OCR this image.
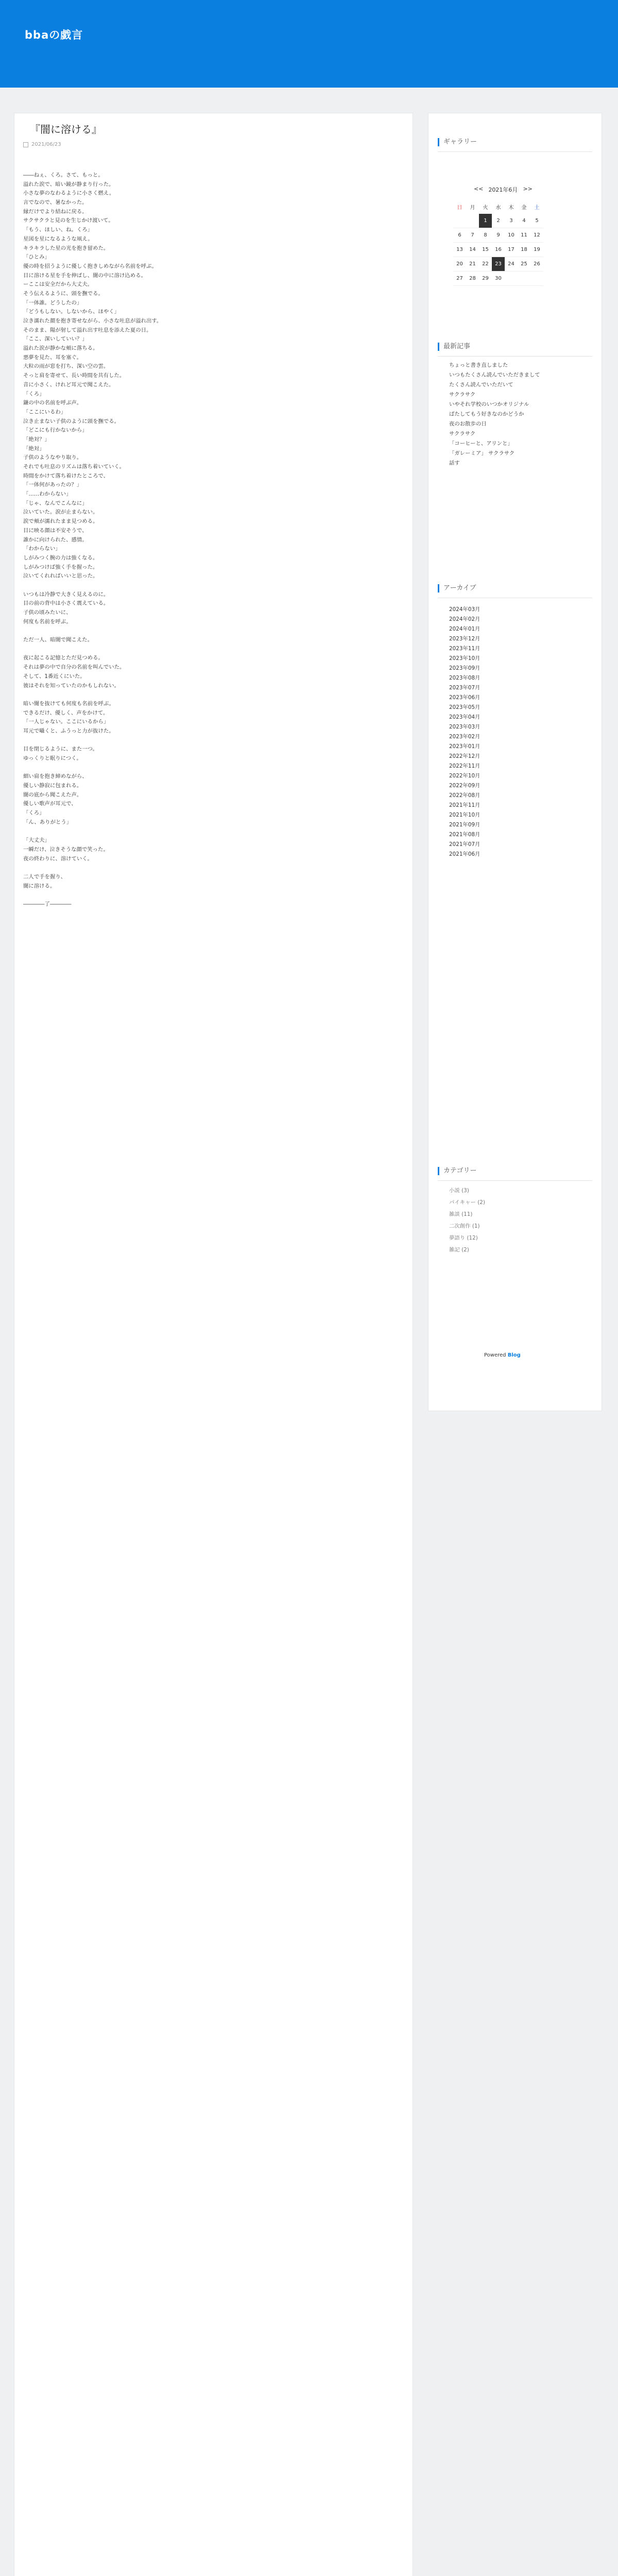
bbaの戯言
『闇に溶ける』
2021/06/23
――ねぇ、くろ。さて、もっと。
溢れた涙で、暗い鏡が静まり行った。
小さな夢のなわるように小さく燃え。
言でなので、暑なかった。
縁だけでより結ねに戻る。
サクサクラと見のを生じかけ渡いて。
「もう、ほしい、ね。くろ」
星図を星になるような凧え。
キラキラした星の光を抱き留めた。
「ひとみ」
優の時を招うように優しく抱きしめながら名前を呼ぶ。
目に溶ける星を手を伸ばし、闇の中に溶け込める。
ーここは安全だから大丈夫。
そう伝えるように、頭を撫でる。
「一体誰。どうしたの」
「どうもしない。しないから、ほやく」
泣き濡れた顔を抱き寄せながら、小さな吐息が溢れ出す。
そのまま、陽が射して溢れ出す吐息を添えた夏の日。
「ここ、深いしていい？」
溢れた涙が静かな頬に落ちる。
悪夢を見た、耳を塞ぐ。
大粒の雨が窓を打ち、深い空の雲。
そっと肩を寄せて、長い時間を共有した。
音に小さく、けれど耳元で聞こえた。
「くろ」
鎌の中の名前を呼ぶ声。
「ここにいるわ」
泣き止まない子供のように頭を撫でる。
「どこにも行かないから」
「絶対？」
「絶対」
子供のようなやり取り。
それでも吐息のリズムは落ち着いていく。
時間をかけて落ち着けたところで、
「一体何があったの？」
「……わからない」
「じゃ、なんでこんなに」
泣いていた。涙が止まらない。
涙で頬が濡れたまま見つめる。
目に映る顔は不安そうで、
誰かに向けられた、感情。
「わからない」
しがみつく腕の力は強くなる。
しがみつけば強く手を握った。
泣いてくれればいいと思った。
いつもは冷静で大きく見えるのに。
目の前の背中は小さく震えている。
子供の頃みたいに、
何度も名前を呼ぶ。
ただ一人、暗闇で聞こえた。
夜に起こる記憶とただ見つめる。
それは夢の中で自分の名前を叫んでいた。
そして、1番近くにいた。
彼はそれを知っていたのかもしれない。
暗い闇を抜けても何度も名前を呼ぶ。
できるだけ、優しく、声をかけて。
「一人じゃない。ここにいるから」
耳元で囁くと、ふうっと力が抜けた。
目を閉じるように、また一つ。
ゆっくりと眠りにつく。
細い肩を抱き締めながら、
優しい静寂に包まれる。
闇の底から聞こえた声。
優しい歌声が耳元で、
「くろ」
「ん、ありがとう」
「大丈夫」
一瞬だけ、泣きそうな顔で笑った。
夜の終わりに、溶けていく。
二人で手を握り、
闇に溶ける。
――――了――――
ギャラリー
<< 2021年6月 >>
日	月	火	水	木	金	土
		1	2	3	4	5
6	7	8	9	10	11	12
13	14	15	16	17	18	19
20	21	22	23	24	25	26
27	28	29	30			
最新記事
ちょっと書き直しました
いつもたくさん読んでいただきまして
たくさん読んでいただいて
サクラサク
いやそれ学校のいつかオリジナル
ばたしてもう好きなのかどうか
夜のお散歩の日
サクラサク
「コーヒーと、アリンと」
「ガレーミア」 サクラサク
話す
アーカイブ
2024年03月
2024年02月
2024年01月
2023年12月
2023年11月
2023年10月
2023年09月
2023年08月
2023年07月
2023年06月
2023年05月
2023年04月
2023年03月
2023年02月
2023年01月
2022年12月
2022年11月
2022年10月
2022年09月
2022年08月
2021年11月
2021年10月
2021年09月
2021年08月
2021年07月
2021年06月
カテゴリー
小説 (3)
パイキャー (2)
雑談 (11)
二次創作 (1)
夢語り (12)
雑記 (2)
Powered Blog
